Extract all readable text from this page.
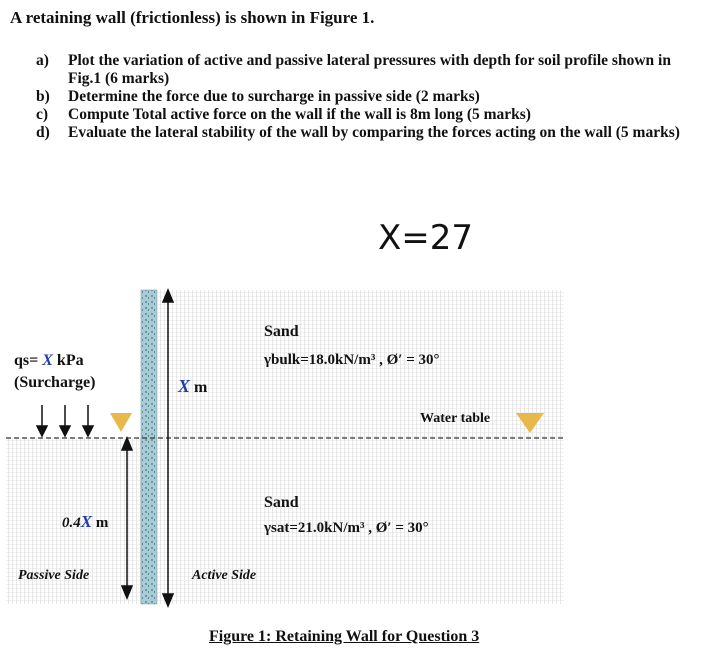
A retaining wall (frictionless) is shown in Figure 1.
a)	Plot the variation of active and passive lateral pressures with depth for soil profile shown in Fig.1 (6 marks)
b)	Determine the force due to surcharge in passive side (2 marks)
c)	Compute Total active force on the wall if the wall is 8m long (5 marks)
d)	Evaluate the lateral stability of the wall by comparing the forces acting on the wall (5 marks)
X=27
qs= X kPa
(Surcharge)	X m
Sand
γbulk=18.0kN/m³ , Ø′ = 30°
Water table
Sand
γsat=21.0kN/m³ , Ø′ = 30°
0.4X m
Passive Side	Active Side
Figure 1: Retaining Wall for Question 3
